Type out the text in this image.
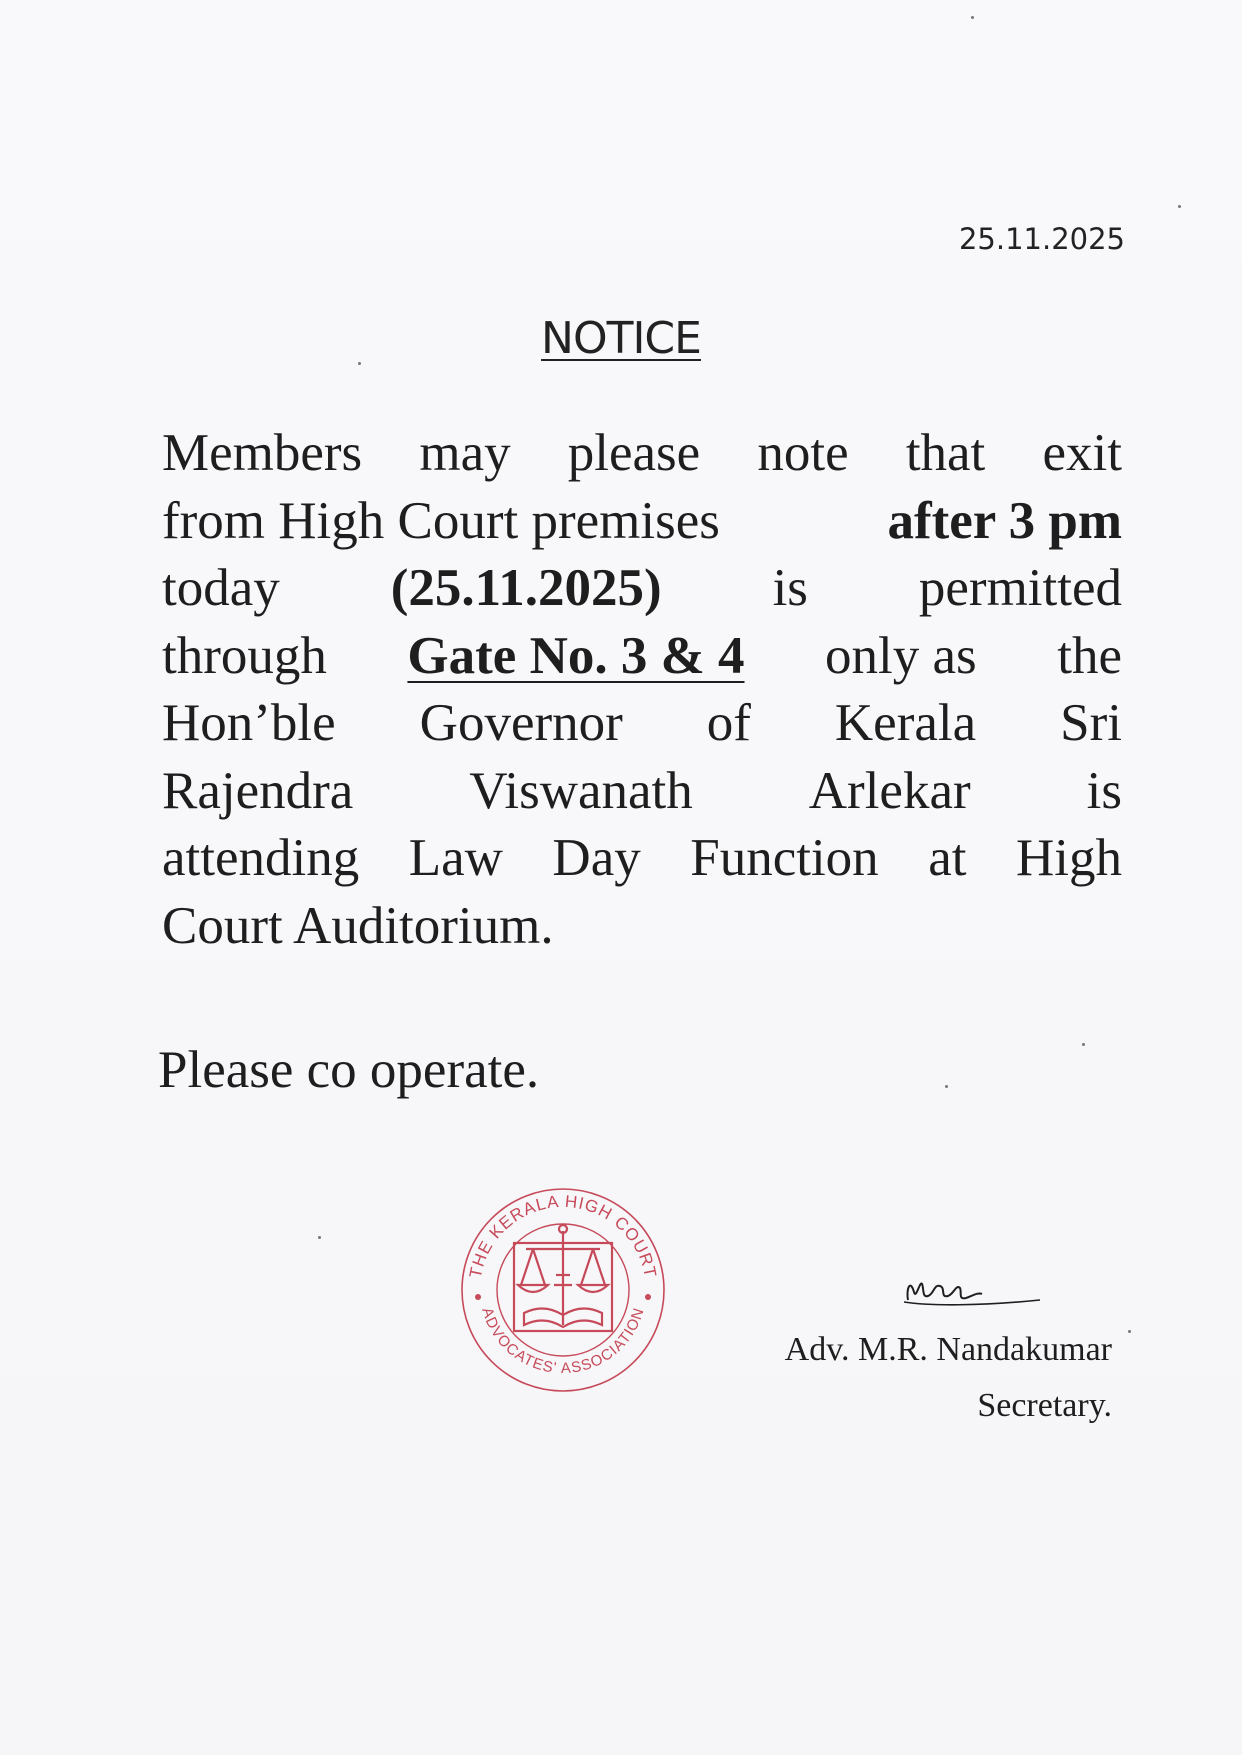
25.11.2025
NOTICE
Members may please note that exit
from High Court premises	after 3 pm
today (25.11.2025) is permitted
through Gate No. 3 & 4 only as the
Hon’ble Governor of Kerala Sri
Rajendra Viswanath Arlekar is
attending Law Day Function at High
Court Auditorium.
Please co operate.
THE KERALA HIGH COURT
ADVOCATES' ASSOCIATION
Adv. M.R. Nandakumar
Secretary.
